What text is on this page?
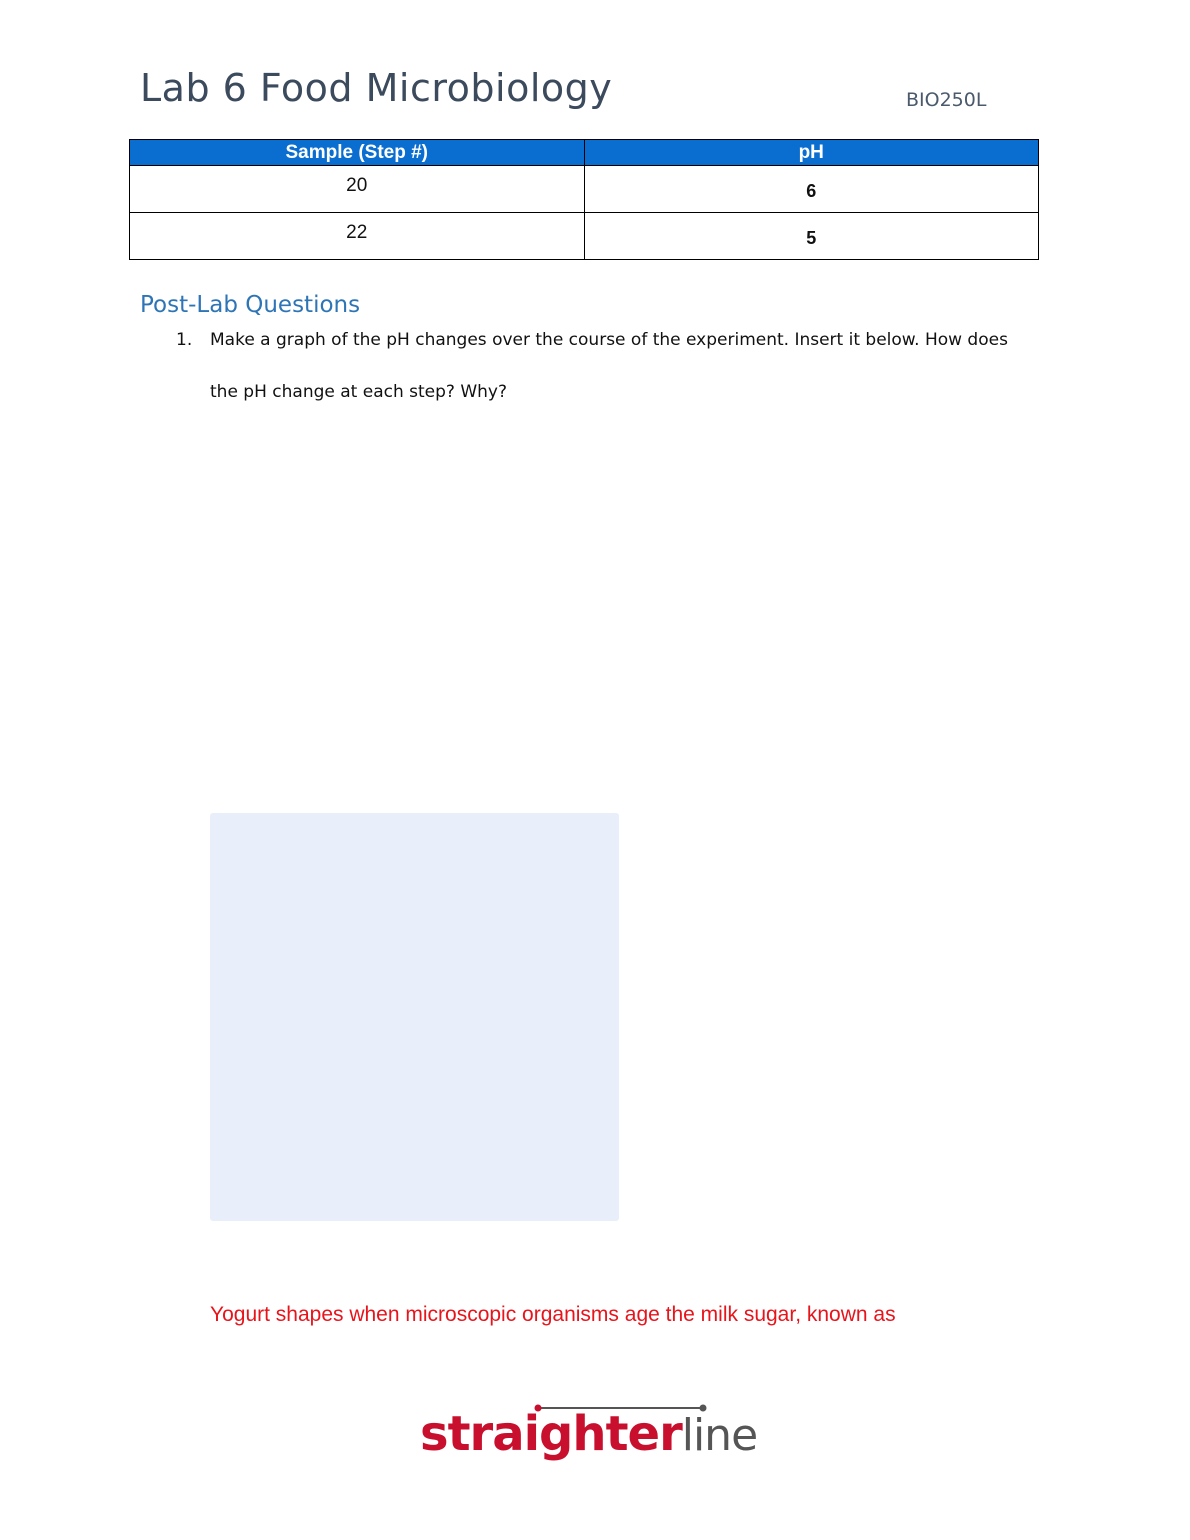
Lab 6 Food Microbiology	BIO250L
Sample (Step #)	pH
20	6
22	5
Post-Lab Questions
1. Make a graph of the pH changes over the course of the experiment. Insert it below. How does
the pH change at each step? Why?
Yogurt shapes when microscopic organisms age the milk sugar, known as
straighterline
